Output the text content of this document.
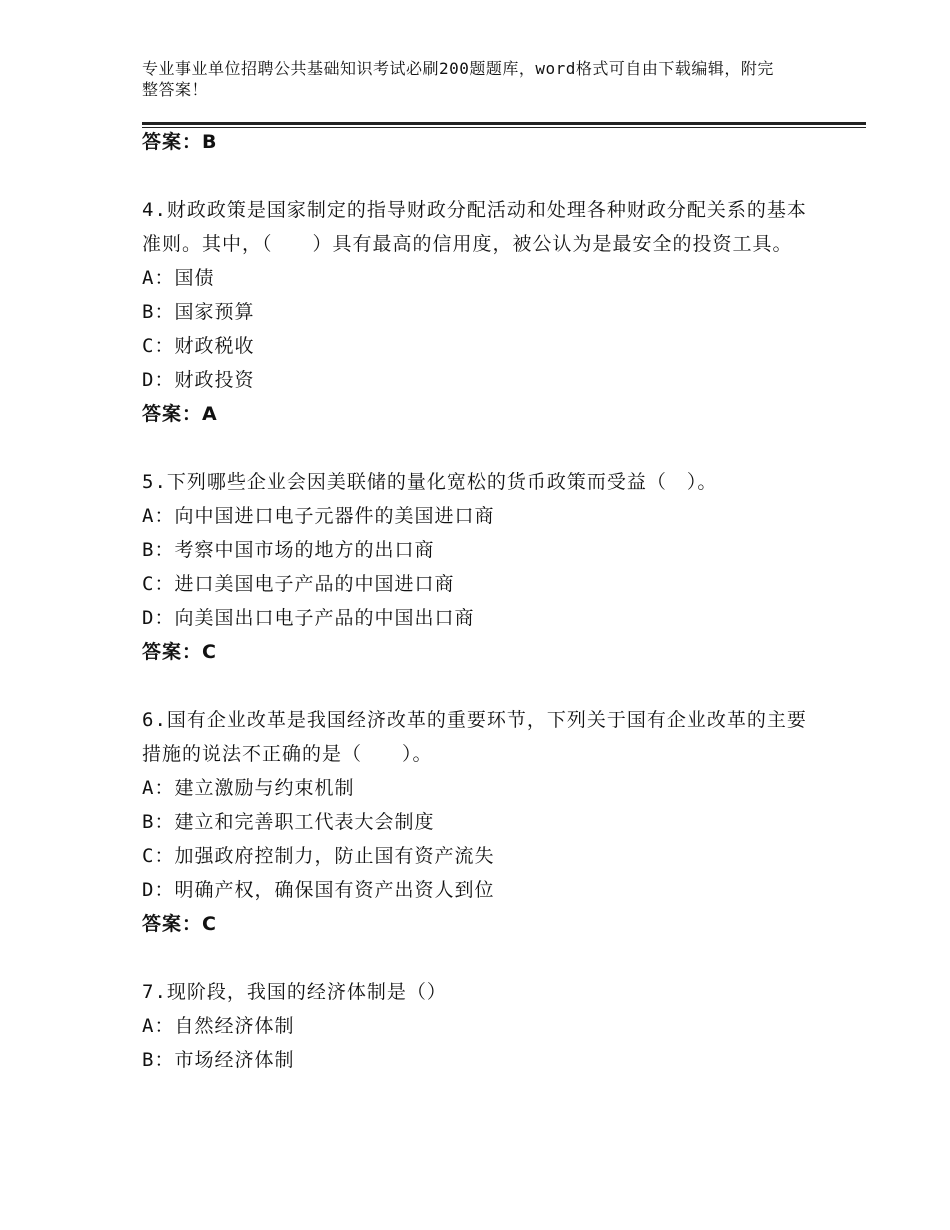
专业事业单位招聘公共基础知识考试必刷200题题库，word格式可自由下载编辑，附完整答案！
答案：B
4.财政政策是国家制定的指导财政分配活动和处理各种财政分配关系的基本准则。其中，（　　）具有最高的信用度，被公认为是最安全的投资工具。
A：国债
B：国家预算
C：财政税收
D：财政投资
答案：A
5.下列哪些企业会因美联储的量化宽松的货币政策而受益（　）。
A：向中国进口电子元器件的美国进口商
B：考察中国市场的地方的出口商
C：进口美国电子产品的中国进口商
D：向美国出口电子产品的中国出口商
答案：C
6.国有企业改革是我国经济改革的重要环节，下列关于国有企业改革的主要措施的说法不正确的是（　　）。
A：建立激励与约束机制
B：建立和完善职工代表大会制度
C：加强政府控制力，防止国有资产流失
D：明确产权，确保国有资产出资人到位
答案：C
7.现阶段，我国的经济体制是（）
A：自然经济体制
B：市场经济体制
